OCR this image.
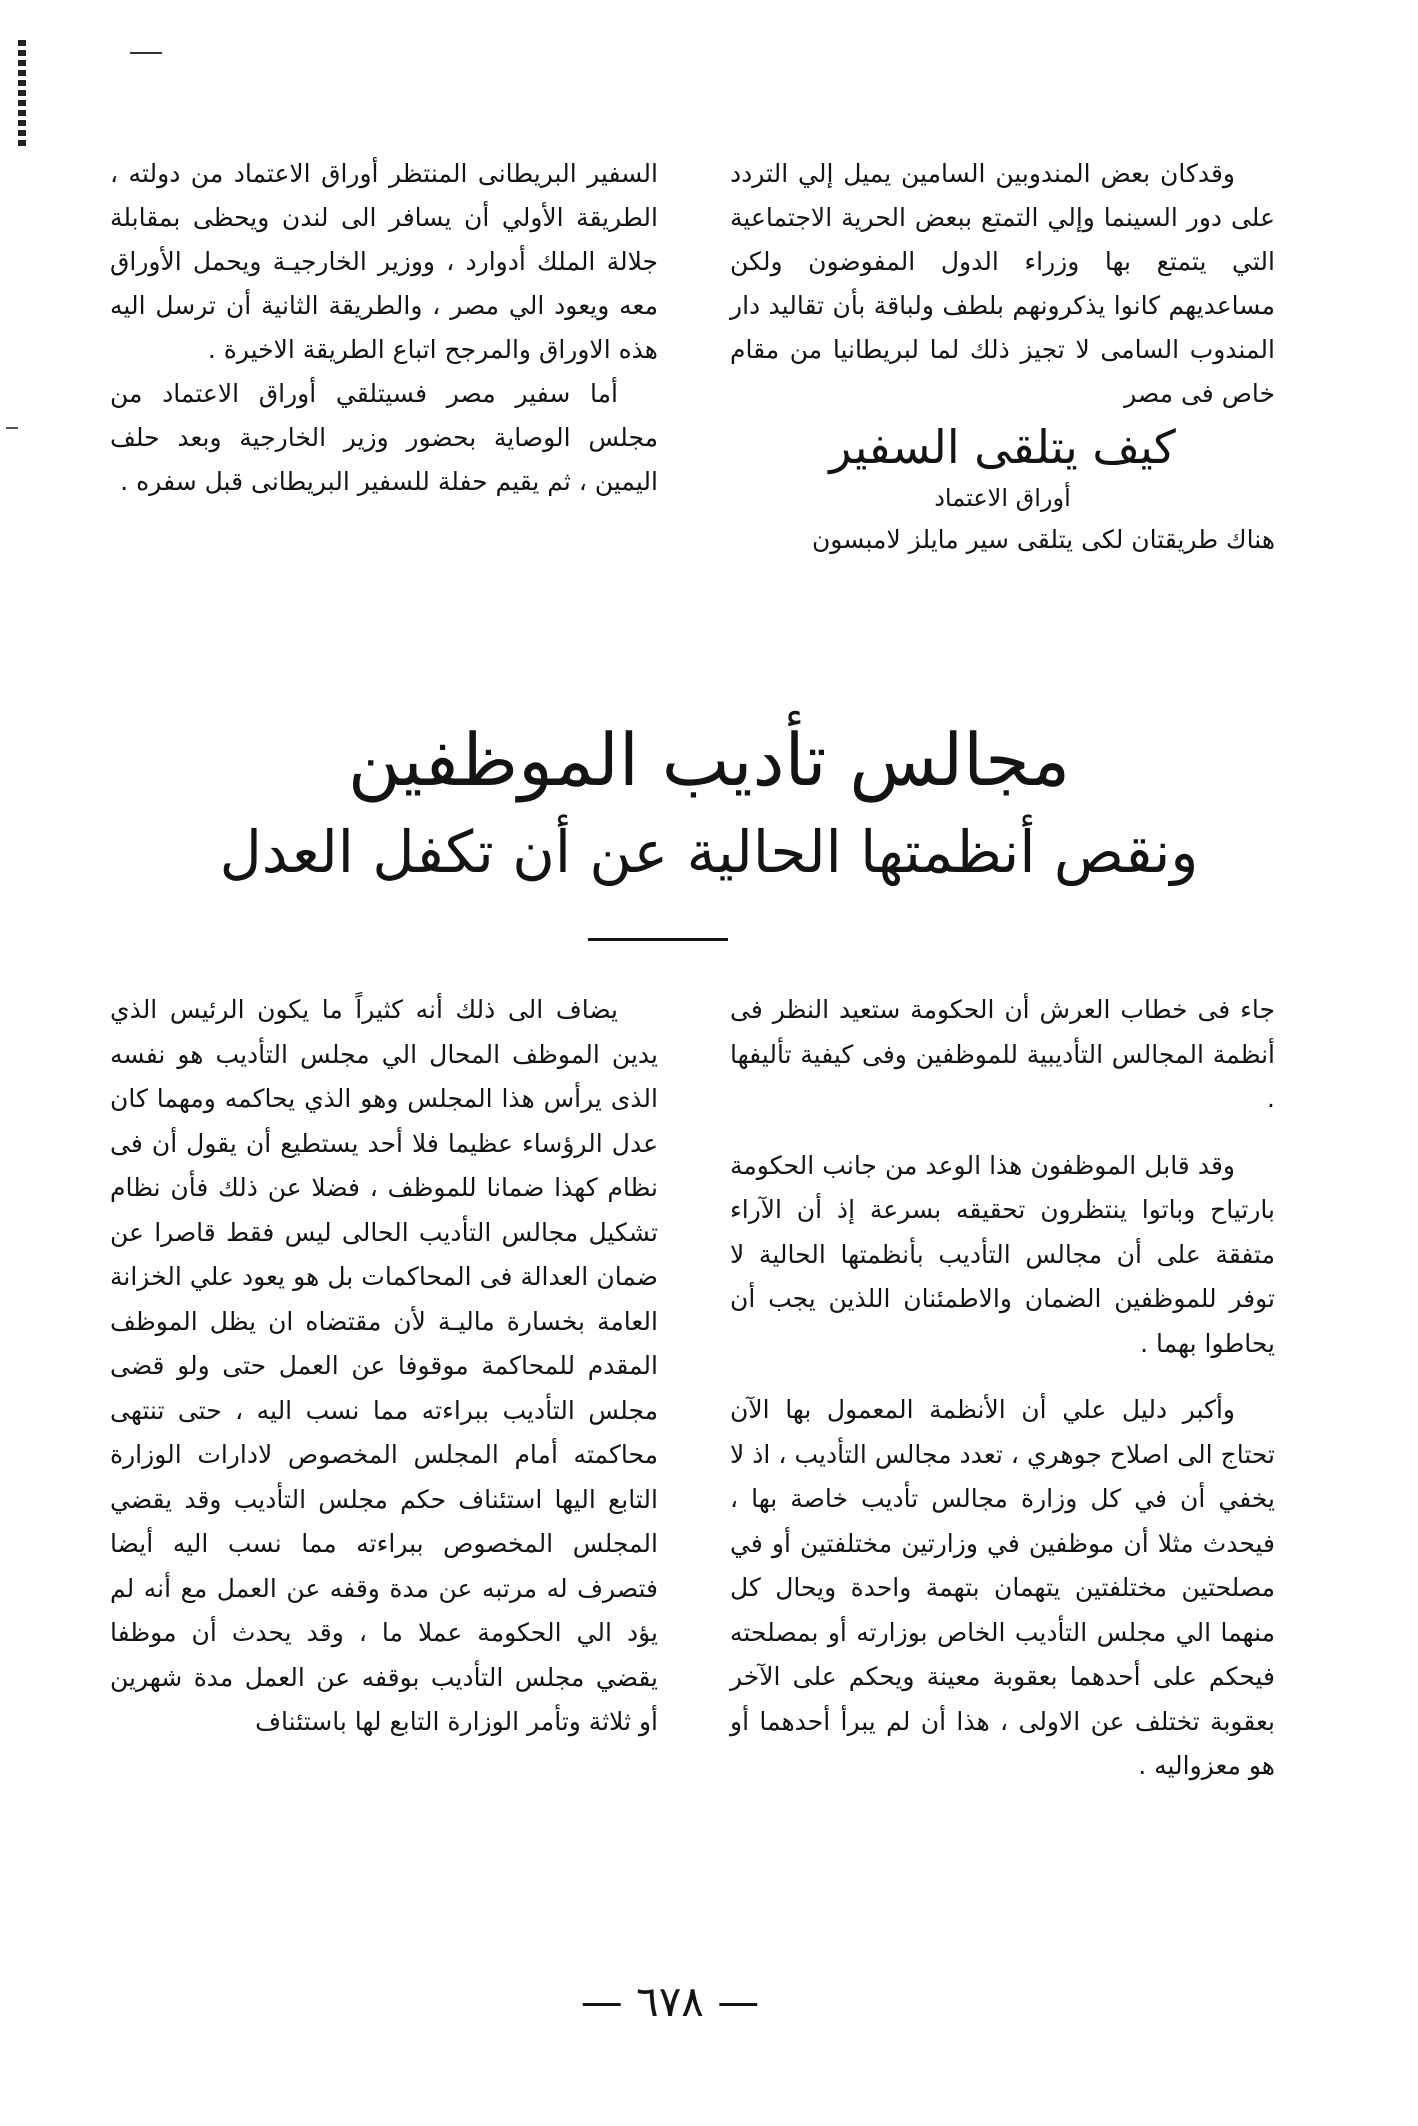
وقدكان بعض المندوبين السامين يميل إلي التردد على دور السينما وإلي التمتع ببعض الحرية الاجتماعية التي يتمتع بها وزراء الدول المفوضون ولكن مساعديهم كانوا يذكرونهم بلطف ولباقة بأن تقاليد دار المندوب السامى لا تجيز ذلك لما لبريطانيا من مقام خاص فى مصر

كيف يتلقى السفير

أوراق الاعتماد

هناك طريقتان لكى يتلقى سير مايلز لامبسون

السفير البريطانى المنتظر أوراق الاعتماد من دولته ، الطريقة الأولي أن يسافر الى لندن ويحظى بمقابلة جلالة الملك أدوارد ، ووزير الخارجيـة ويحمل الأوراق معه ويعود الي مصر ، والطريقة الثانية أن ترسل اليه هذه الاوراق والمرجح اتباع الطريقة الاخيرة .

أما سفير مصر فسيتلقي أوراق الاعتماد من مجلس الوصاية بحضور وزير الخارجية وبعد حلف اليمين ، ثم يقيم حفلة للسفير البريطانى قبل سفره .

مجالس تأديب الموظفين
ونقص أنظمتها الحالية عن أن تكفل العدل

جاء فى خطاب العرش أن الحكومة ستعيد النظر فى أنظمة المجالس التأديبية للموظفين وفى كيفية تأليفها .

وقد قابل الموظفون هذا الوعد من جانب الحكومة بارتياح وباتوا ينتظرون تحقيقه بسرعة إذ أن الآراء متفقة على أن مجالس التأديب بأنظمتها الحالية لا توفر للموظفين الضمان والاطمئنان اللذين يجب أن يحاطوا بهما .

وأكبر دليل علي أن الأنظمة المعمول بها الآن تحتاج الى اصلاح جوهري ، تعدد مجالس التأديب ، اذ لا يخفي أن في كل وزارة مجالس تأديب خاصة بها ، فيحدث مثلا أن موظفين في وزارتين مختلفتين أو في مصلحتين مختلفتين يتهمان بتهمة واحدة ويحال كل منهما الي مجلس التأديب الخاص بوزارته أو بمصلحته فيحكم على أحدهما بعقوبة معينة ويحكم على الآخر بعقوبة تختلف عن الاولى ، هذا أن لم يبرأ أحدهما أو هو معزواليه .

يضاف الى ذلك أنه كثيراً ما يكون الرئيس الذي يدين الموظف المحال الي مجلس التأديب هو نفسه الذى يرأس هذا المجلس وهو الذي يحاكمه ومهما كان عدل الرؤساء عظيما فلا أحد يستطيع أن يقول أن فى نظام كهذا ضمانا للموظف ، فضلا عن ذلك فأن نظام تشكيل مجالس التأديب الحالى ليس فقط قاصرا عن ضمان العدالة فى المحاكمات بل هو يعود علي الخزانة العامة بخسارة ماليـة لأن مقتضاه ان يظل الموظف المقدم للمحاكمة موقوفا عن العمل حتى ولو قضى مجلس التأديب ببراءته مما نسب اليه ، حتى تنتهى محاكمته أمام المجلس المخصوص لادارات الوزارة التابع اليها استئناف حكم مجلس التأديب وقد يقضي المجلس المخصوص ببراءته مما نسب اليه أيضا فتصرف له مرتبه عن مدة وقفه عن العمل مع أنه لم يؤد الي الحكومة عملا ما ، وقد يحدث أن موظفا يقضي مجلس التأديب بوقفه عن العمل مدة شهرين أو ثلاثة وتأمر الوزارة التابع لها باستئناف

— ٦٧٨ —
